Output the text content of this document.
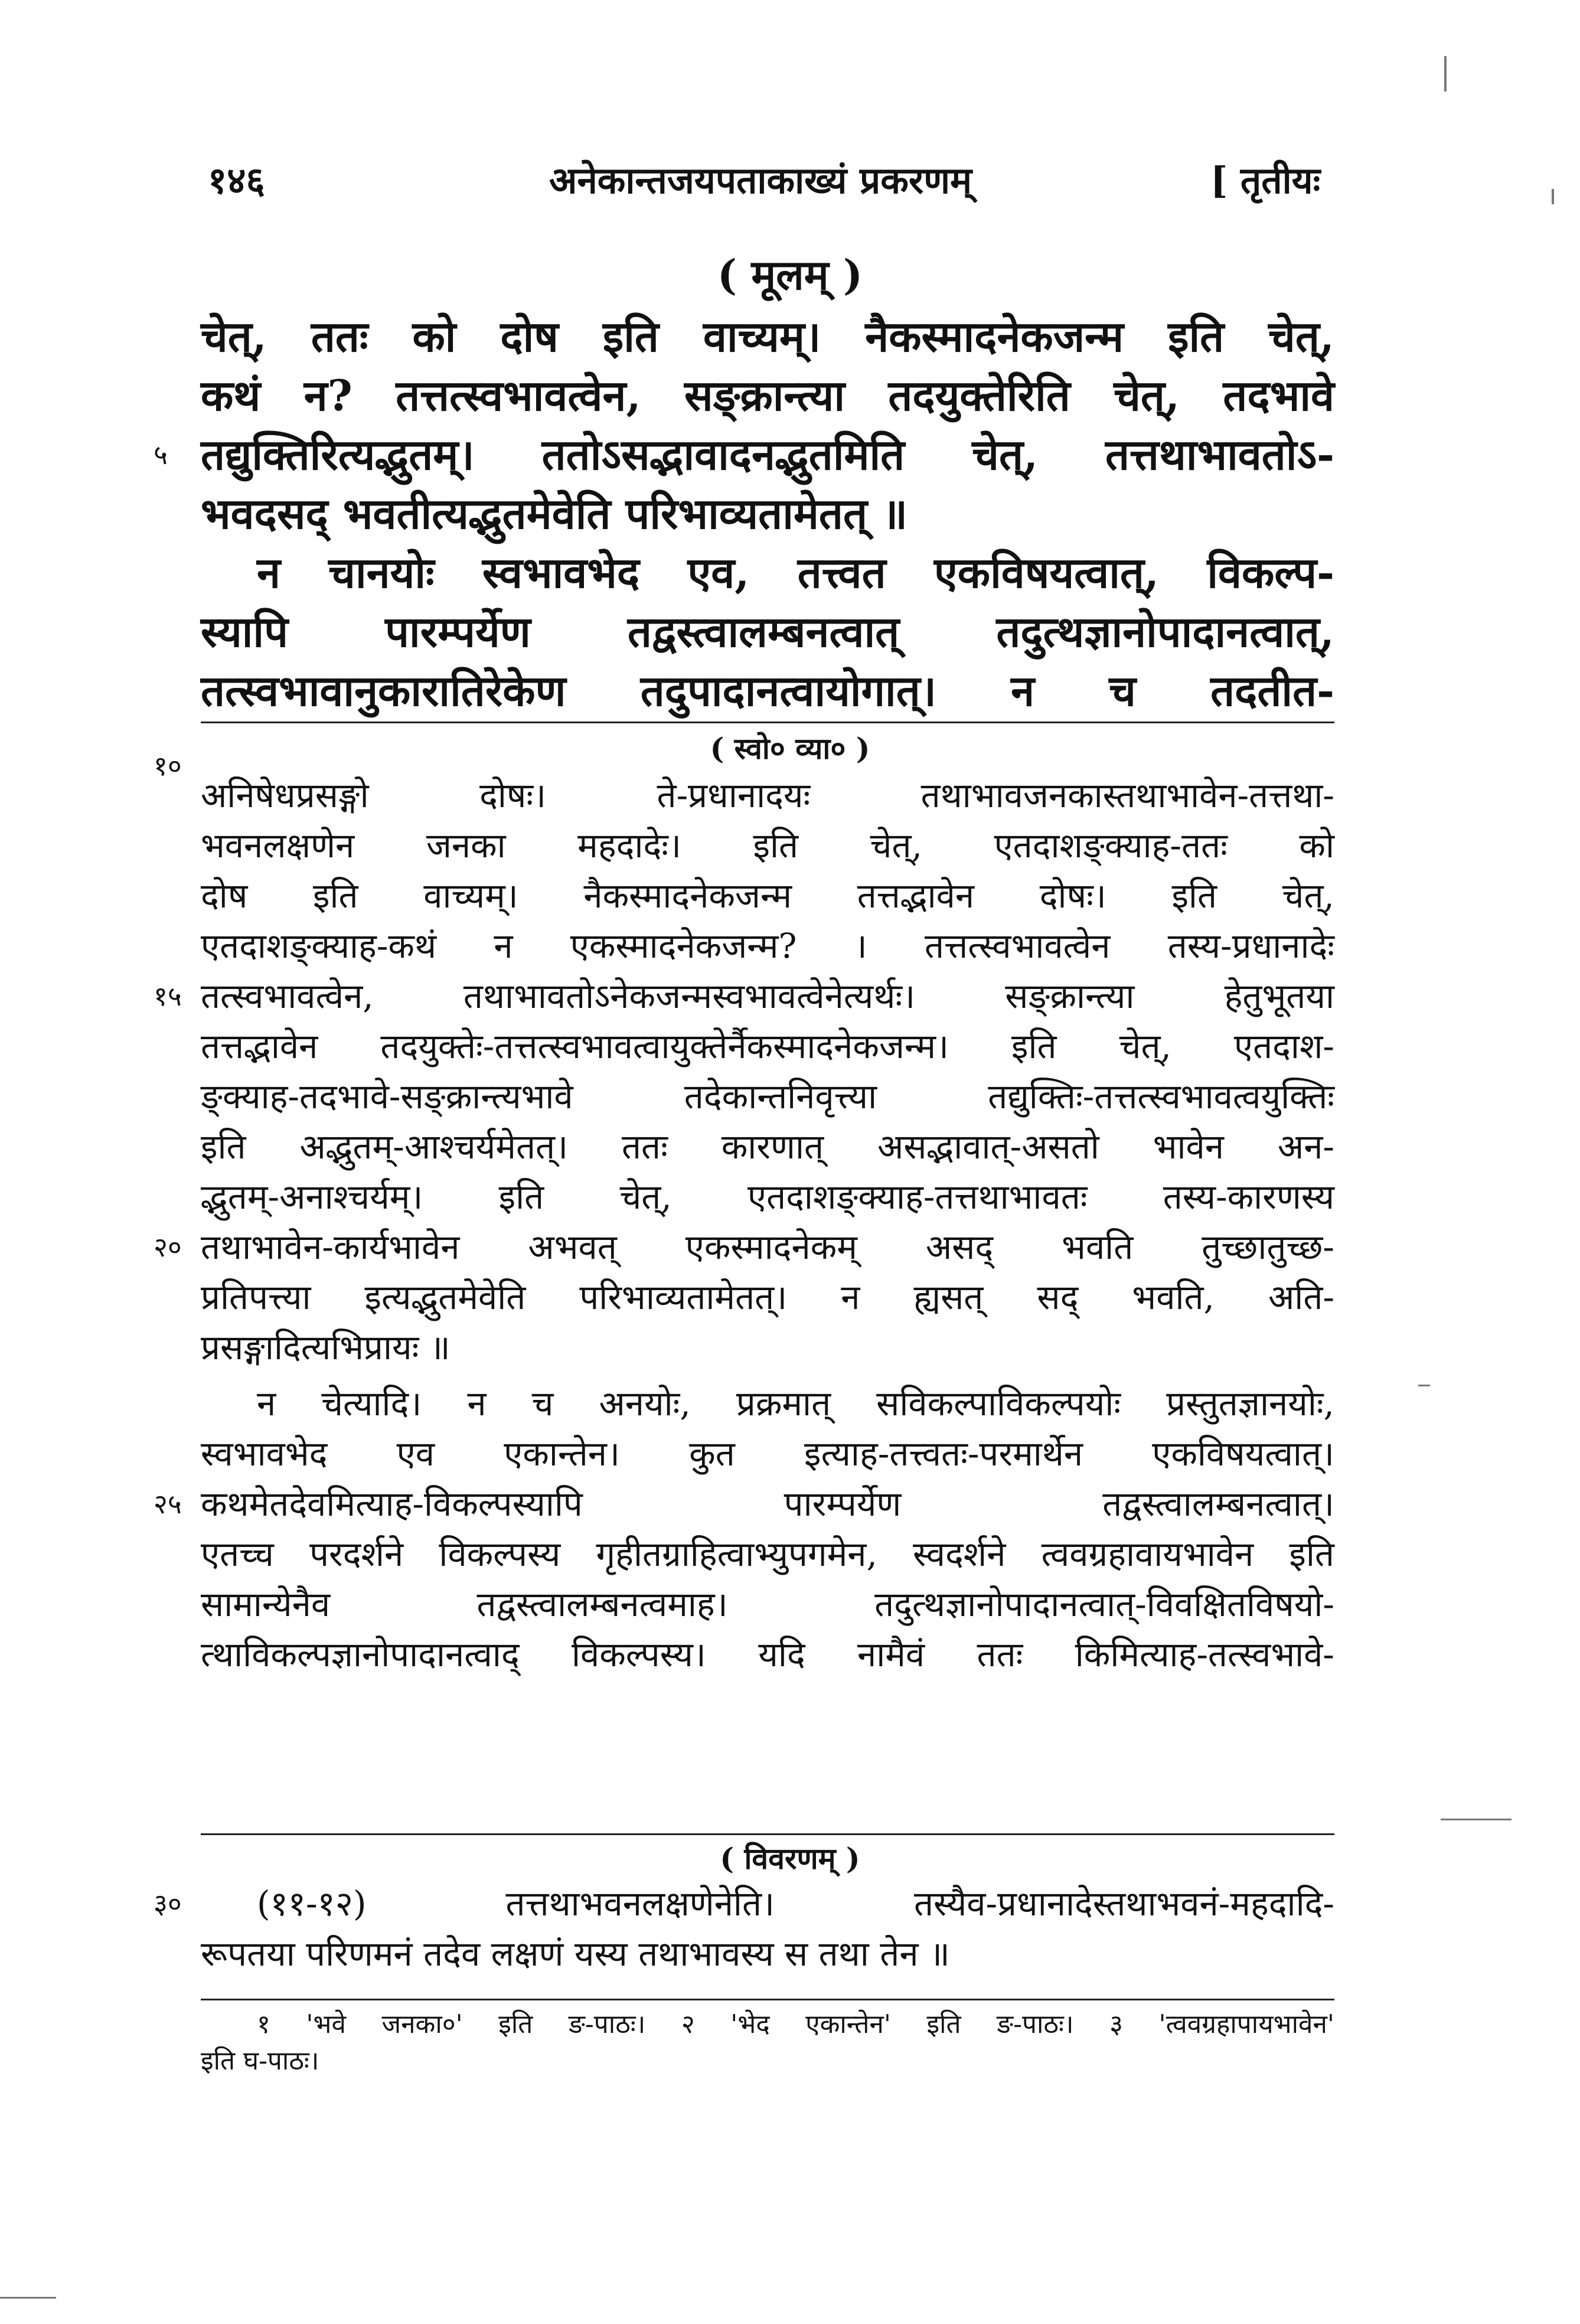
१४६	अनेकान्तजयपताकाख्यं प्रकरणम्	[ तृतीयः
( मूलम् )
चेत्, ततः को दोष इति वाच्यम्। नैकस्मादनेकजन्म इति चेत्,
कथं न? तत्तत्स्वभावत्वेन, सङ्क्रान्त्या तदयुक्तेरिति चेत्, तदभावे
५ तद्युक्तिरित्यद्भुतम्। ततोऽसद्भावादनद्भुतमिति चेत्, तत्तथाभावतोऽ-
भवदसद् भवतीत्यद्भुतमेवेति परिभाव्यतामेतत् ॥
न चानयोः स्वभावभेद एव, तत्त्वत एकविषयत्वात्, विकल्प-
स्यापि पारम्पर्येण तद्वस्त्वालम्बनत्वात् तदुत्थज्ञानोपादानत्वात्,
तत्स्वभावानुकारातिरेकेण तदुपादानत्वायोगात्। न च तदतीत-
( स्वो० व्या० )
१०
अनिषेधप्रसङ्गो दोषः। ते-प्रधानादयः तथाभावजनकास्तथाभावेन-तत्तथा-
भवनलक्षणेन जनका महदादेः। इति चेत्, एतदाशङ्क्याह-ततः को
दोष इति वाच्यम्। नैकस्मादनेकजन्म तत्तद्भावेन दोषः। इति चेत्,
एतदाशङ्क्याह-कथं न एकस्मादनेकजन्म? । तत्तत्स्वभावत्वेन तस्य-प्रधानादेः
१५ तत्स्वभावत्वेन, तथाभावतोऽनेकजन्मस्वभावत्वेनेत्यर्थः। सङ्क्रान्त्या हेतुभूतया
तत्तद्भावेन तदयुक्तेः-तत्तत्स्वभावत्वायुक्तेर्नैकस्मादनेकजन्म। इति चेत्, एतदाश-
ङ्क्याह-तदभावे-सङ्क्रान्त्यभावे तदेकान्तनिवृत्त्या तद्युक्तिः-तत्तत्स्वभावत्वयुक्तिः
इति अद्भुतम्-आश्चर्यमेतत्। ततः कारणात् असद्भावात्-असतो भावेन अन-
द्भुतम्-अनाश्चर्यम्। इति चेत्, एतदाशङ्क्याह-तत्तथाभावतः तस्य-कारणस्य
२० तथाभावेन-कार्यभावेन अभवत् एकस्मादनेकम् असद् भवति तुच्छातुच्छ-
प्रतिपत्त्या इत्यद्भुतमेवेति परिभाव्यतामेतत्। न ह्यसत् सद् भवति, अति-
प्रसङ्गादित्यभिप्रायः ॥
न चेत्यादि। न च अनयोः, प्रक्रमात् सविकल्पाविकल्पयोः प्रस्तुतज्ञानयोः,
स्वभावभेद एव एकान्तेन। कुत इत्याह-तत्त्वतः-परमार्थेन एकविषयत्वात्।
२५ कथमेतदेवमित्याह-विकल्पस्यापि पारम्पर्येण तद्वस्त्वालम्बनत्वात्।
एतच्च परदर्शने विकल्पस्य गृहीतग्राहित्वाभ्युपगमेन, स्वदर्शने त्ववग्रहावायभावेन इति
सामान्येनैव तद्वस्त्वालम्बनत्वमाह। तदुत्थज्ञानोपादानत्वात्-विवक्षितविषयो-
त्थाविकल्पज्ञानोपादानत्वाद् विकल्पस्य। यदि नामैवं ततः किमित्याह-तत्स्वभावे-
( विवरणम् )
३० (११-१२) तत्तथाभवनलक्षणेनेति। तस्यैव-प्रधानादेस्तथाभवनं-महदादि-
रूपतया परिणमनं तदेव लक्षणं यस्य तथाभावस्य स तथा तेन ॥
१ 'भवे जनका०' इति ङ-पाठः। २ 'भेद एकान्तेन' इति ङ-पाठः। ३ 'त्ववग्रहापायभावेन'
इति घ-पाठः।
